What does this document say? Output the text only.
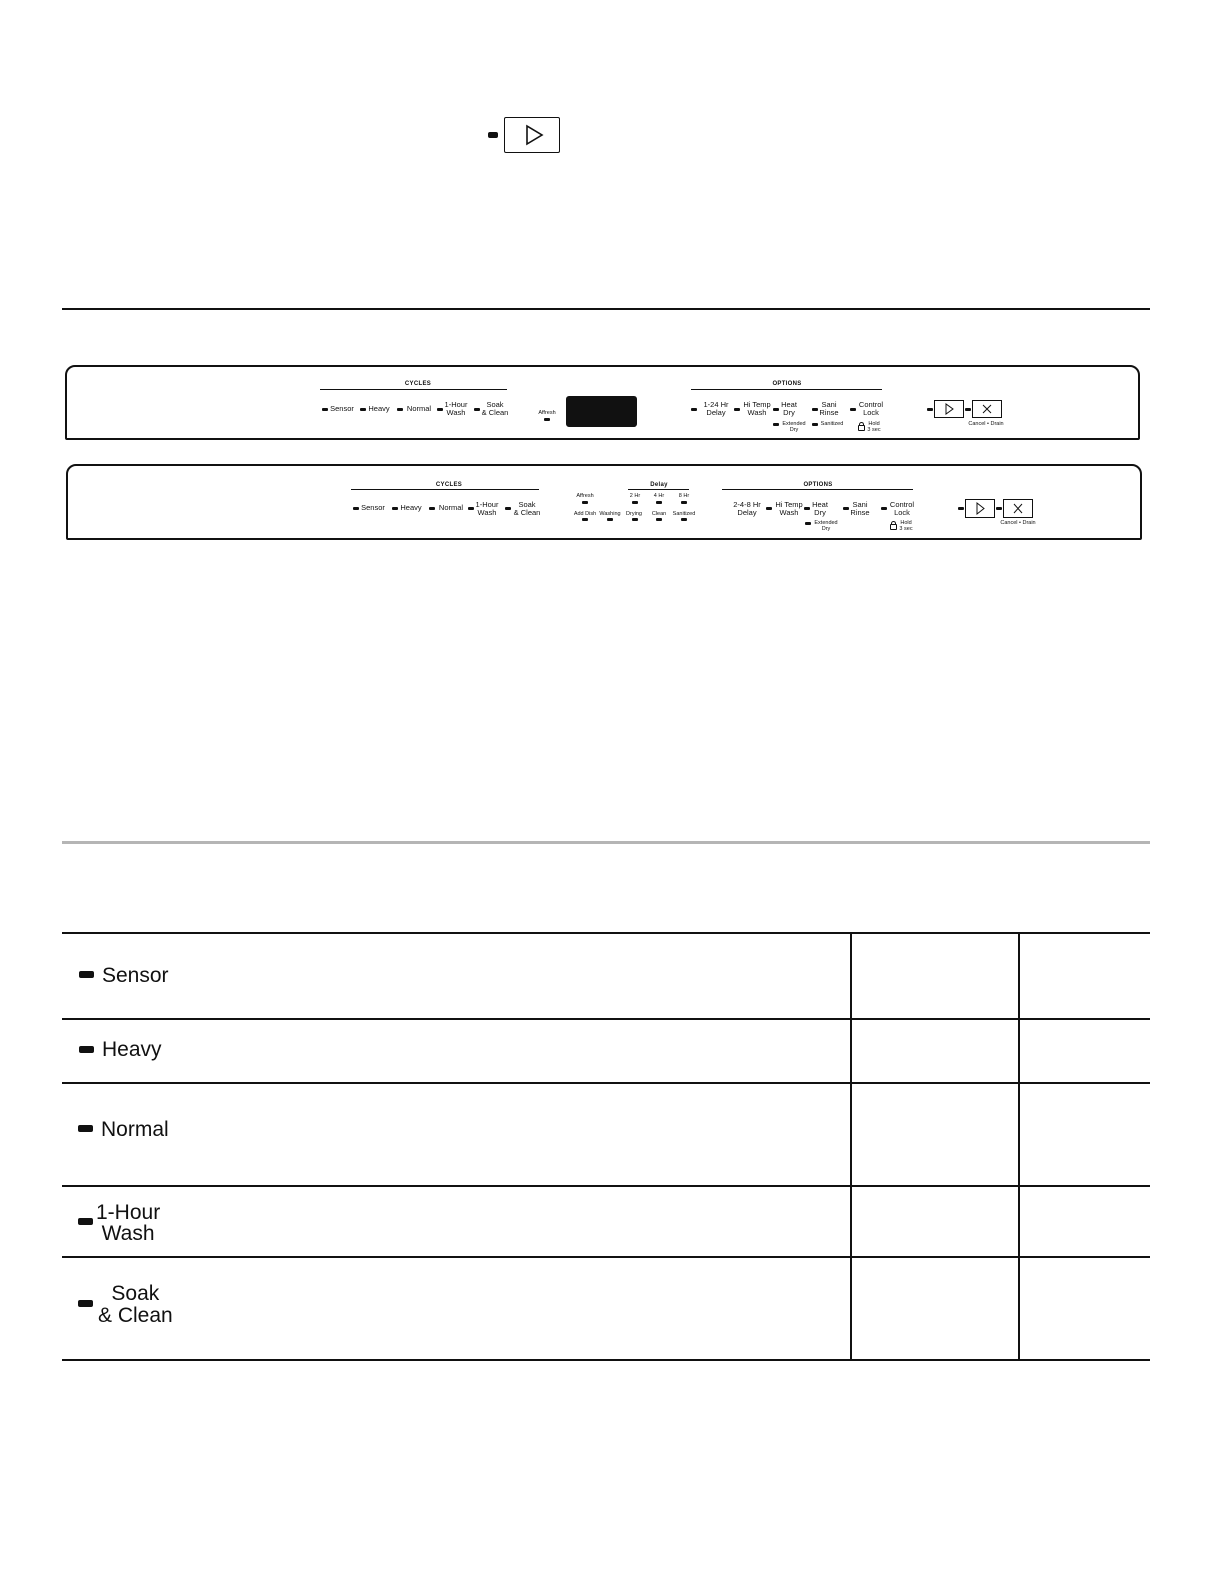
CYCLES
Sensor Heavy	Normal	1-Hour
Wash
Soak
& Clean	Affresh
OPTIONS
1-24 Hr
Delay
Hi Temp
Wash
Heat
Dry
Sani
Rinse
Control
Lock
Extended
Dry
Sanitized	Hold
3 sec
Cancel • Drain
CYCLES
Sensor Heavy	Normal	1-Hour
Wash
Soak
& Clean
Delay
Affresh	2 Hr	4 Hr	8 Hr
Add Dish Washing Drying	Clean	Sanitized
OPTIONS
2-4-8 Hr
Delay
Hi Temp
Wash
Heat
Dry
Sani
Rinse
Control
Lock
Extended
Dry
Hold
3 sec
Cancel • Drain
Sensor
Heavy
Normal
1-Hour
Wash
Soak
& Clean
